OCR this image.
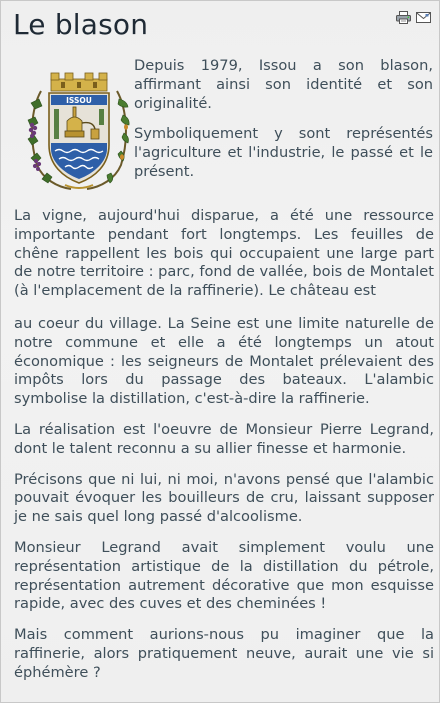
Le blason
ISSOU

Depuis 1979, Issou a son blason, affirmant ainsi son identité et son originalité.

Symboliquement y sont représentés l'agriculture et l'industrie, le passé et le présent.

La vigne, aujourd'hui disparue, a été une ressource importante pendant fort longtemps. Les feuilles de chêne rappellent les bois qui occupaient une large part de notre territoire : parc, fond de vallée, bois de Montalet (à l'emplacement de la raffinerie). Le château est

au coeur du village. La Seine est une limite naturelle de notre commune et elle a été longtemps un atout économique : les seigneurs de Montalet prélevaient des impôts lors du passage des bateaux. L'alambic symbolise la distillation, c'est-à-dire la raffinerie.

La réalisation est l'oeuvre de Monsieur Pierre Legrand, dont le talent reconnu a su allier finesse et harmonie.

Précisons que ni lui, ni moi, n'avons pensé que l'alambic pouvait évoquer les bouilleurs de cru, laissant supposer je ne sais quel long passé d'alcoolisme.

Monsieur Legrand avait simplement voulu une représentation artistique de la distillation du pétrole, représentation autrement décorative que mon esquisse rapide, avec des cuves et des cheminées !

Mais comment aurions-nous pu imaginer que la raffinerie, alors pratiquement neuve, aurait une vie si éphémère ?
